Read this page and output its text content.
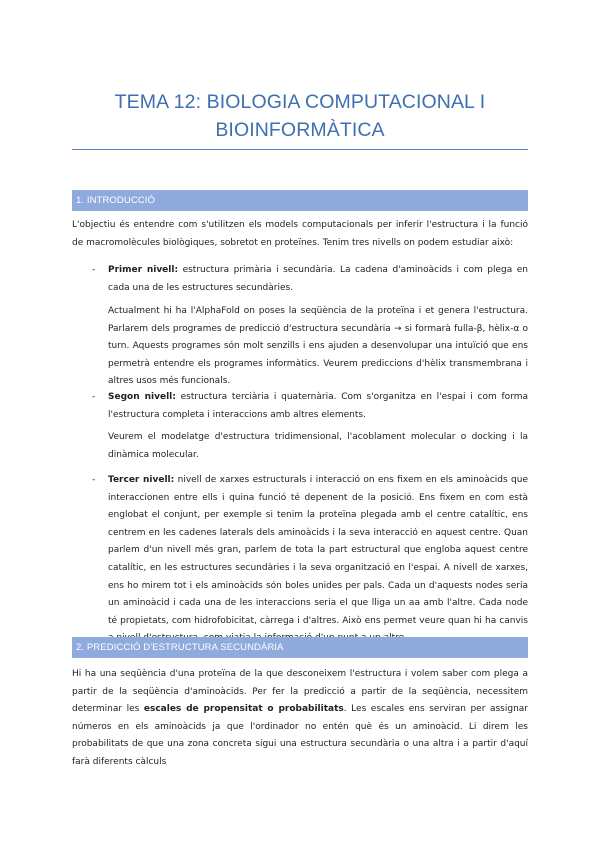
TEMA 12: BIOLOGIA COMPUTACIONAL I
BIOINFORMÀTICA
1. INTRODUCCIÓ

L'objectiu és entendre com s'utilitzen els models computacionals per inferir l'estructura i la funció de macromolècules biològiques, sobretot en proteïnes. Tenim tres nivells on podem estudiar això:

- Primer nivell: estructura primària i secundària. La cadena d'aminoàcids i com plega en cada una de les estructures secundàries.

Actualment hi ha l'AlphaFold on poses la seqüència de la proteïna i et genera l'estructura. Parlarem dels programes de predicció d'estructura secundària → si formarà fulla-β, hèlix-α o turn. Aquests programes són molt senzills i ens ajuden a desenvolupar una intuïció que ens permetrà entendre els programes informàtics. Veurem prediccions d'hèlix transmembrana i altres usos més funcionals.

- Segon nivell: estructura terciària i quaternària. Com s'organitza en l'espai i com forma l'estructura completa i interaccions amb altres elements.

Veurem el modelatge d'estructura tridimensional, l'acoblament molecular o docking i la dinàmica molecular.

- Tercer nivell: nivell de xarxes estructurals i interacció on ens fixem en els aminoàcids que interaccionen entre ells i quina funció té depenent de la posició. Ens fixem en com està englobat el conjunt, per exemple si tenim la proteïna plegada amb el centre catalític, ens centrem en les cadenes laterals dels aminoàcids i la seva interacció en aquest centre. Quan parlem d'un nivell més gran, parlem de tota la part estructural que engloba aquest centre catalític, en les estructures secundàries i la seva organització en l'espai. A nivell de xarxes, ens ho mirem tot i els aminoàcids són boles unides per pals. Cada un d'aquests nodes seria un aminoàcid i cada una de les interaccions seria el que lliga un aa amb l'altre. Cada node té propietats, com hidrofobicitat, càrrega i d'altres. Això ens permet veure quan hi ha canvis

2. PREDICCIÓ D'ESTRUCTURA SECUNDÀRIA

Hi ha una seqüència d'una proteïna de la que desconeixem l'estructura i volem saber com plega a partir de la seqüència d'aminoàcids. Per fer la predicció a partir de la seqüència, necessitem determinar les escales de propensitat o probabilitats. Les escales ens serviran per assignar números en els aminoàcids ja que l'ordinador no entén què és un aminoàcid. Li direm les probabilitats de que una zona concreta sigui una estructura secundària o una altra i a partir d'aquí farà diferents càlculs
